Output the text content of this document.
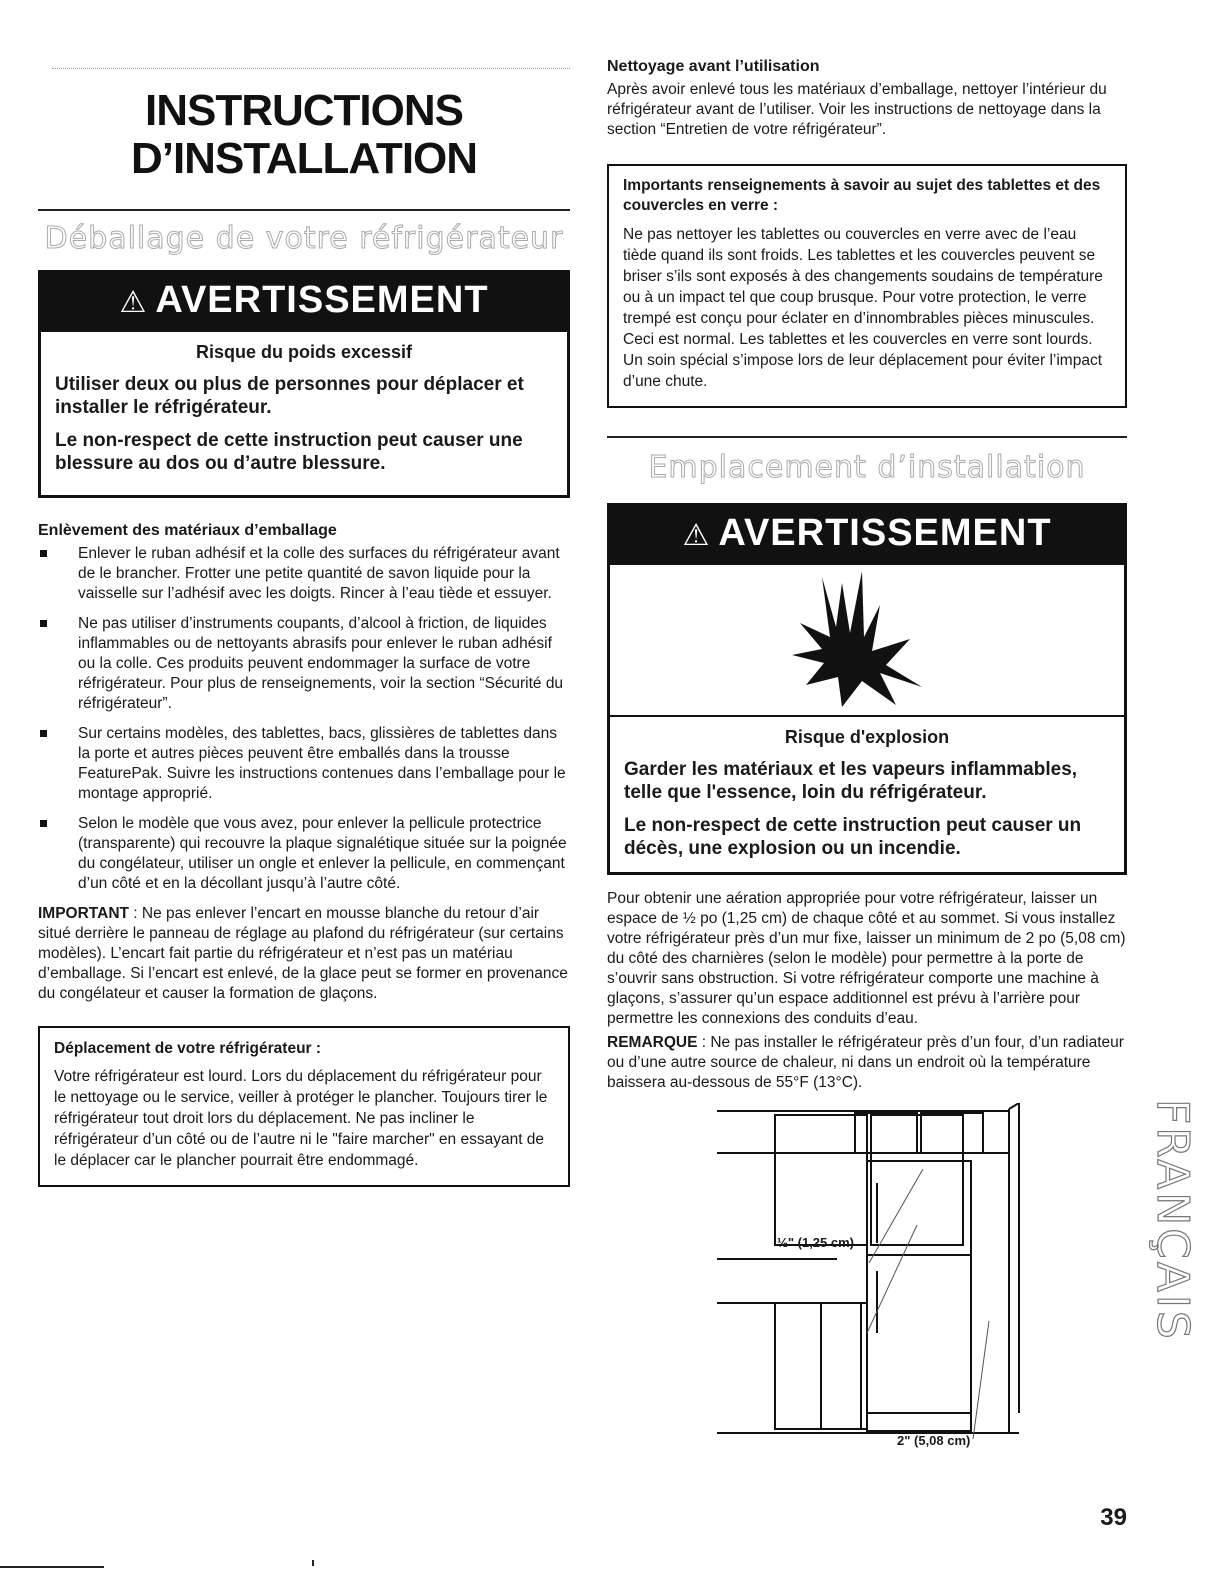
INSTRUCTIONS
D’INSTALLATION
Déballage de votre réfrigérateur
⚠ AVERTISSEMENT
Risque du poids excessif
Utiliser deux ou plus de personnes pour déplacer et installer le réfrigérateur.
Le non-respect de cette instruction peut causer une blessure au dos ou d’autre blessure.
Enlèvement des matériaux d’emballage
Enlever le ruban adhésif et la colle des surfaces du réfrigérateur avant de le brancher. Frotter une petite quantité de savon liquide pour la vaisselle sur l’adhésif avec les doigts. Rincer à l’eau tiède et essuyer.
Ne pas utiliser d’instruments coupants, d’alcool à friction, de liquides inflammables ou de nettoyants abrasifs pour enlever le ruban adhésif ou la colle. Ces produits peuvent endommager la surface de votre réfrigérateur. Pour plus de renseignements, voir la section “Sécurité du réfrigérateur”.
Sur certains modèles, des tablettes, bacs, glissières de tablettes dans la porte et autres pièces peuvent être emballés dans la trousse FeaturePak. Suivre les instructions contenues dans l’emballage pour le montage approprié.
Selon le modèle que vous avez, pour enlever la pellicule protectrice (transparente) qui recouvre la plaque signalétique située sur la poignée du congélateur, utiliser un ongle et enlever la pellicule, en commençant d’un côté et en la décollant jusqu’à l’autre côté.

IMPORTANT : Ne pas enlever l’encart en mousse blanche du retour d’air situé derrière le panneau de réglage au plafond du réfrigérateur (sur certains modèles). L’encart fait partie du réfrigérateur et n’est pas un matériau d’emballage. Si l’encart est enlevé, de la glace peut se former en provenance du congélateur et causer la formation de glaçons.

Déplacement de votre réfrigérateur :

Votre réfrigérateur est lourd. Lors du déplacement du réfrigérateur pour le nettoyage ou le service, veiller à protéger le plancher. Toujours tirer le réfrigérateur tout droit lors du déplacement. Ne pas incliner le réfrigérateur d’un côté ou de l’autre ni le "faire marcher" en essayant de le déplacer car le plancher pourrait être endommagé.

Nettoyage avant l’utilisation

Après avoir enlevé tous les matériaux d’emballage, nettoyer l’intérieur du réfrigérateur avant de l’utiliser. Voir les instructions de nettoyage dans la section “Entretien de votre réfrigérateur”.

Importants renseignements à savoir au sujet des tablettes et des couvercles en verre :

Ne pas nettoyer les tablettes ou couvercles en verre avec de l’eau tiède quand ils sont froids. Les tablettes et les couvercles peuvent se briser s’ils sont exposés à des changements soudains de température ou à un impact tel que coup brusque. Pour votre protection, le verre trempé est conçu pour éclater en d’innombrables pièces minuscules. Ceci est normal. Les tablettes et les couvercles en verre sont lourds. Un soin spécial s’impose lors de leur déplacement pour éviter l’impact d’une chute.

Emplacement d’installation
⚠ AVERTISSEMENT
Risque d'explosion
Garder les matériaux et les vapeurs inflammables, telle que l'essence, loin du réfrigérateur.
Le non-respect de cette instruction peut causer un décès, une explosion ou un incendie.

Pour obtenir une aération appropriée pour votre réfrigérateur, laisser un espace de ½ po (1,25 cm) de chaque côté et au sommet. Si vous installez votre réfrigérateur près d’un mur fixe, laisser un minimum de 2 po (5,08 cm) du côté des charnières (selon le modèle) pour permettre à la porte de s’ouvrir sans obstruction. Si votre réfrigérateur comporte une machine à glaçons, s’assurer qu’un espace additionnel est prévu à l’arrière pour permettre les connexions des conduits d’eau.

REMARQUE : Ne pas installer le réfrigérateur près d’un four, d’un radiateur ou d’une autre source de chaleur, ni dans un endroit où la température baissera au-dessous de 55°F (13°C).

½" (1,25 cm)
2" (5,08 cm)
FRANÇAIS
39
